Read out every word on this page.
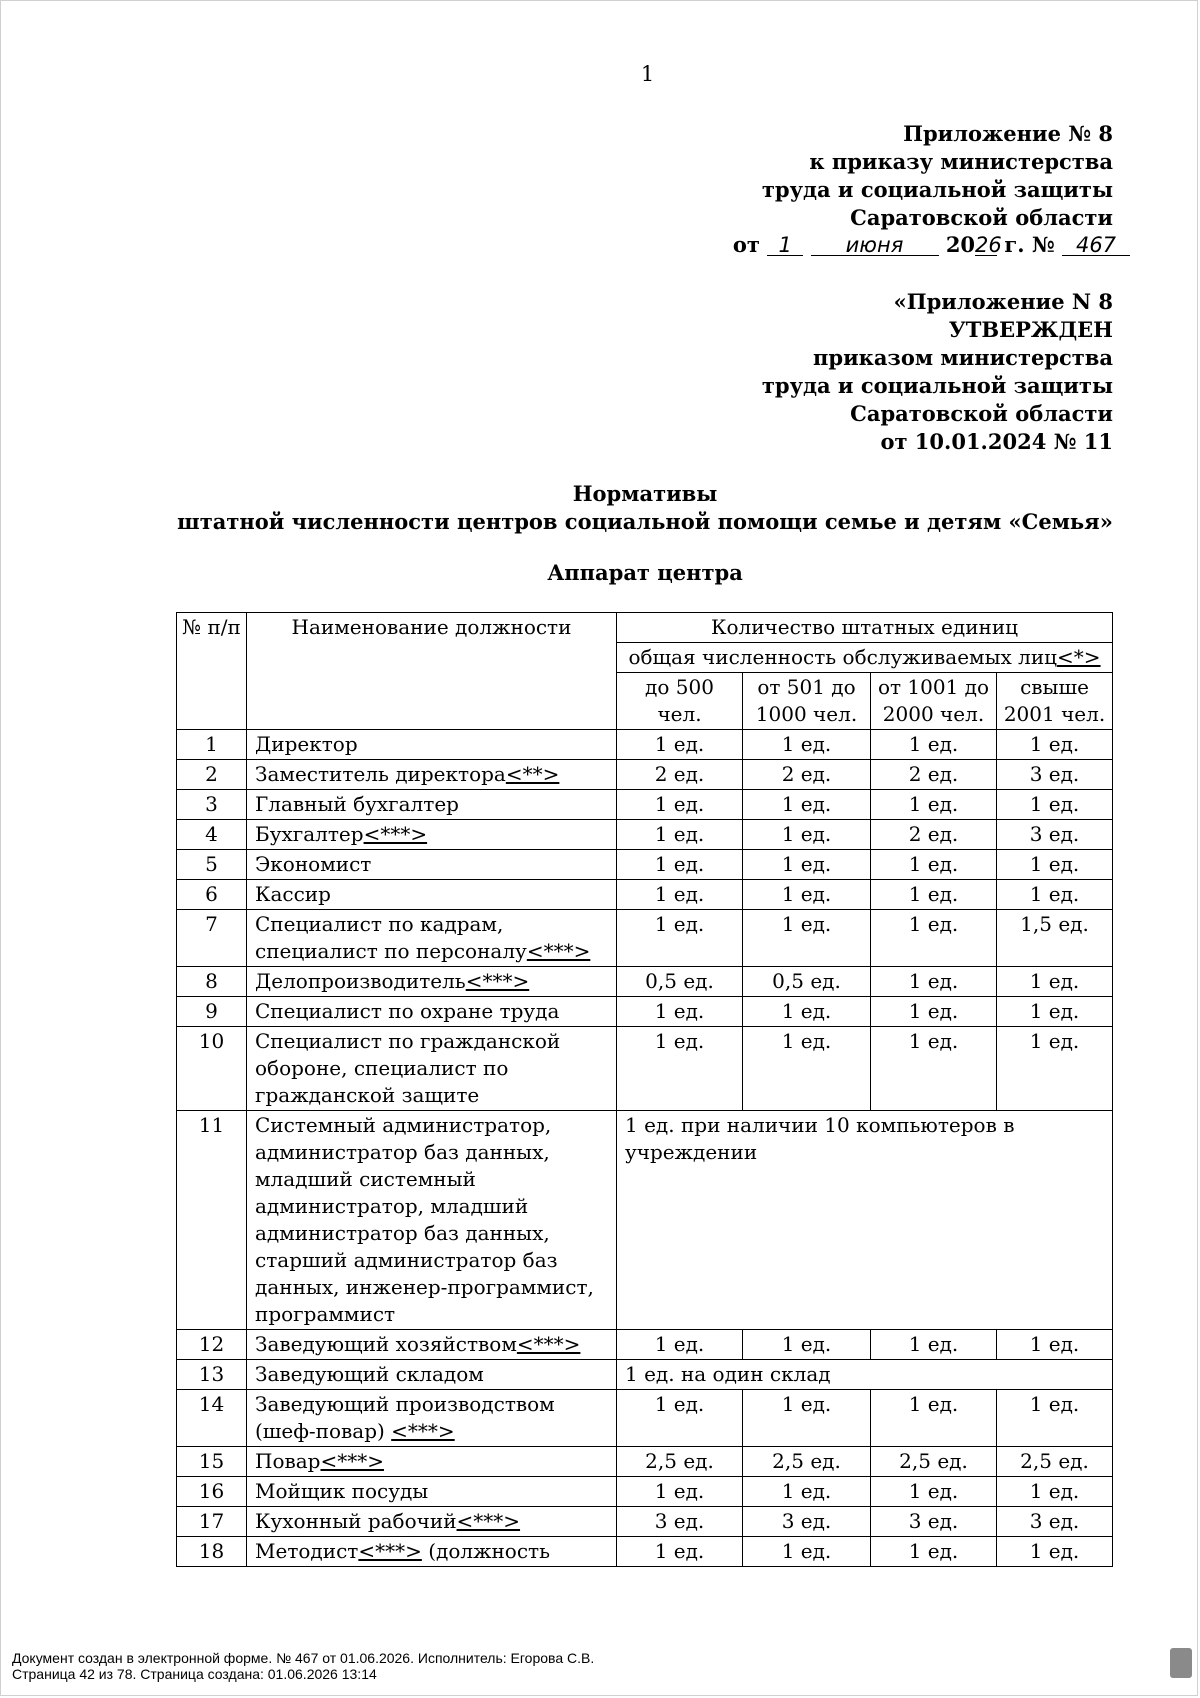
1
Приложение № 8
к приказу министерства
труда и социальной защиты
Саратовской области
от 1	июня 2026 г. № 467
«Приложение N 8
УТВЕРЖДЕН
приказом министерства
труда и социальной защиты
Саратовской области
от 10.01.2024 № 11
Нормативы
штатной численности центров социальной помощи семье и детям «Семья»
Аппарат центра
№ п/п	Наименование должности	Количество штатных единиц			
		общая численность обслуживаемых лиц<*>			
		до 500 чел.	от 501 до 1000 чел.	от 1001 до 2000 чел.	свыше 2001 чел.
1	Директор	1 ед.	1 ед.	1 ед.	1 ед.
2	Заместитель директора<**>	2 ед.	2 ед.	2 ед.	3 ед.
3	Главный бухгалтер	1 ед.	1 ед.	1 ед.	1 ед.
4	Бухгалтер<***>	1 ед.	1 ед.	2 ед.	3 ед.
5	Экономист	1 ед.	1 ед.	1 ед.	1 ед.
6	Кассир	1 ед.	1 ед.	1 ед.	1 ед.
7	Специалист по кадрам, специалист по персоналу<***>	1 ед.	1 ед.	1 ед.	1,5 ед.
8	Делопроизводитель<***>	0,5 ед.	0,5 ед.	1 ед.	1 ед.
9	Специалист по охране труда	1 ед.	1 ед.	1 ед.	1 ед.
10	Специалист по гражданской обороне, специалист по гражданской защите	1 ед.	1 ед.	1 ед.	1 ед.
11	Системный администратор, администратор баз данных, младший системный администратор, младший администратор баз данных, старший администратор баз данных, инженер-программист, программист	1 ед. при наличии 10 компьютеров в учреждении			
12	Заведующий хозяйством<***>	1 ед.	1 ед.	1 ед.	1 ед.
13	Заведующий складом	1 ед. на один склад			
14	Заведующий производством (шеф-повар) <***>	1 ед.	1 ед.	1 ед.	1 ед.
15	Повар<***>	2,5 ед.	2,5 ед.	2,5 ед.	2,5 ед.
16	Мойщик посуды	1 ед.	1 ед.	1 ед.	1 ед.
17	Кухонный рабочий<***>	3 ед.	3 ед.	3 ед.	3 ед.
18	Методист<***> (должность	1 ед.	1 ед.	1 ед.	1 ед.
Документ создан в электронной форме. № 467 от 01.06.2026. Исполнитель: Егорова С.В.
Страница 42 из 78. Страница создана: 01.06.2026 13:14
